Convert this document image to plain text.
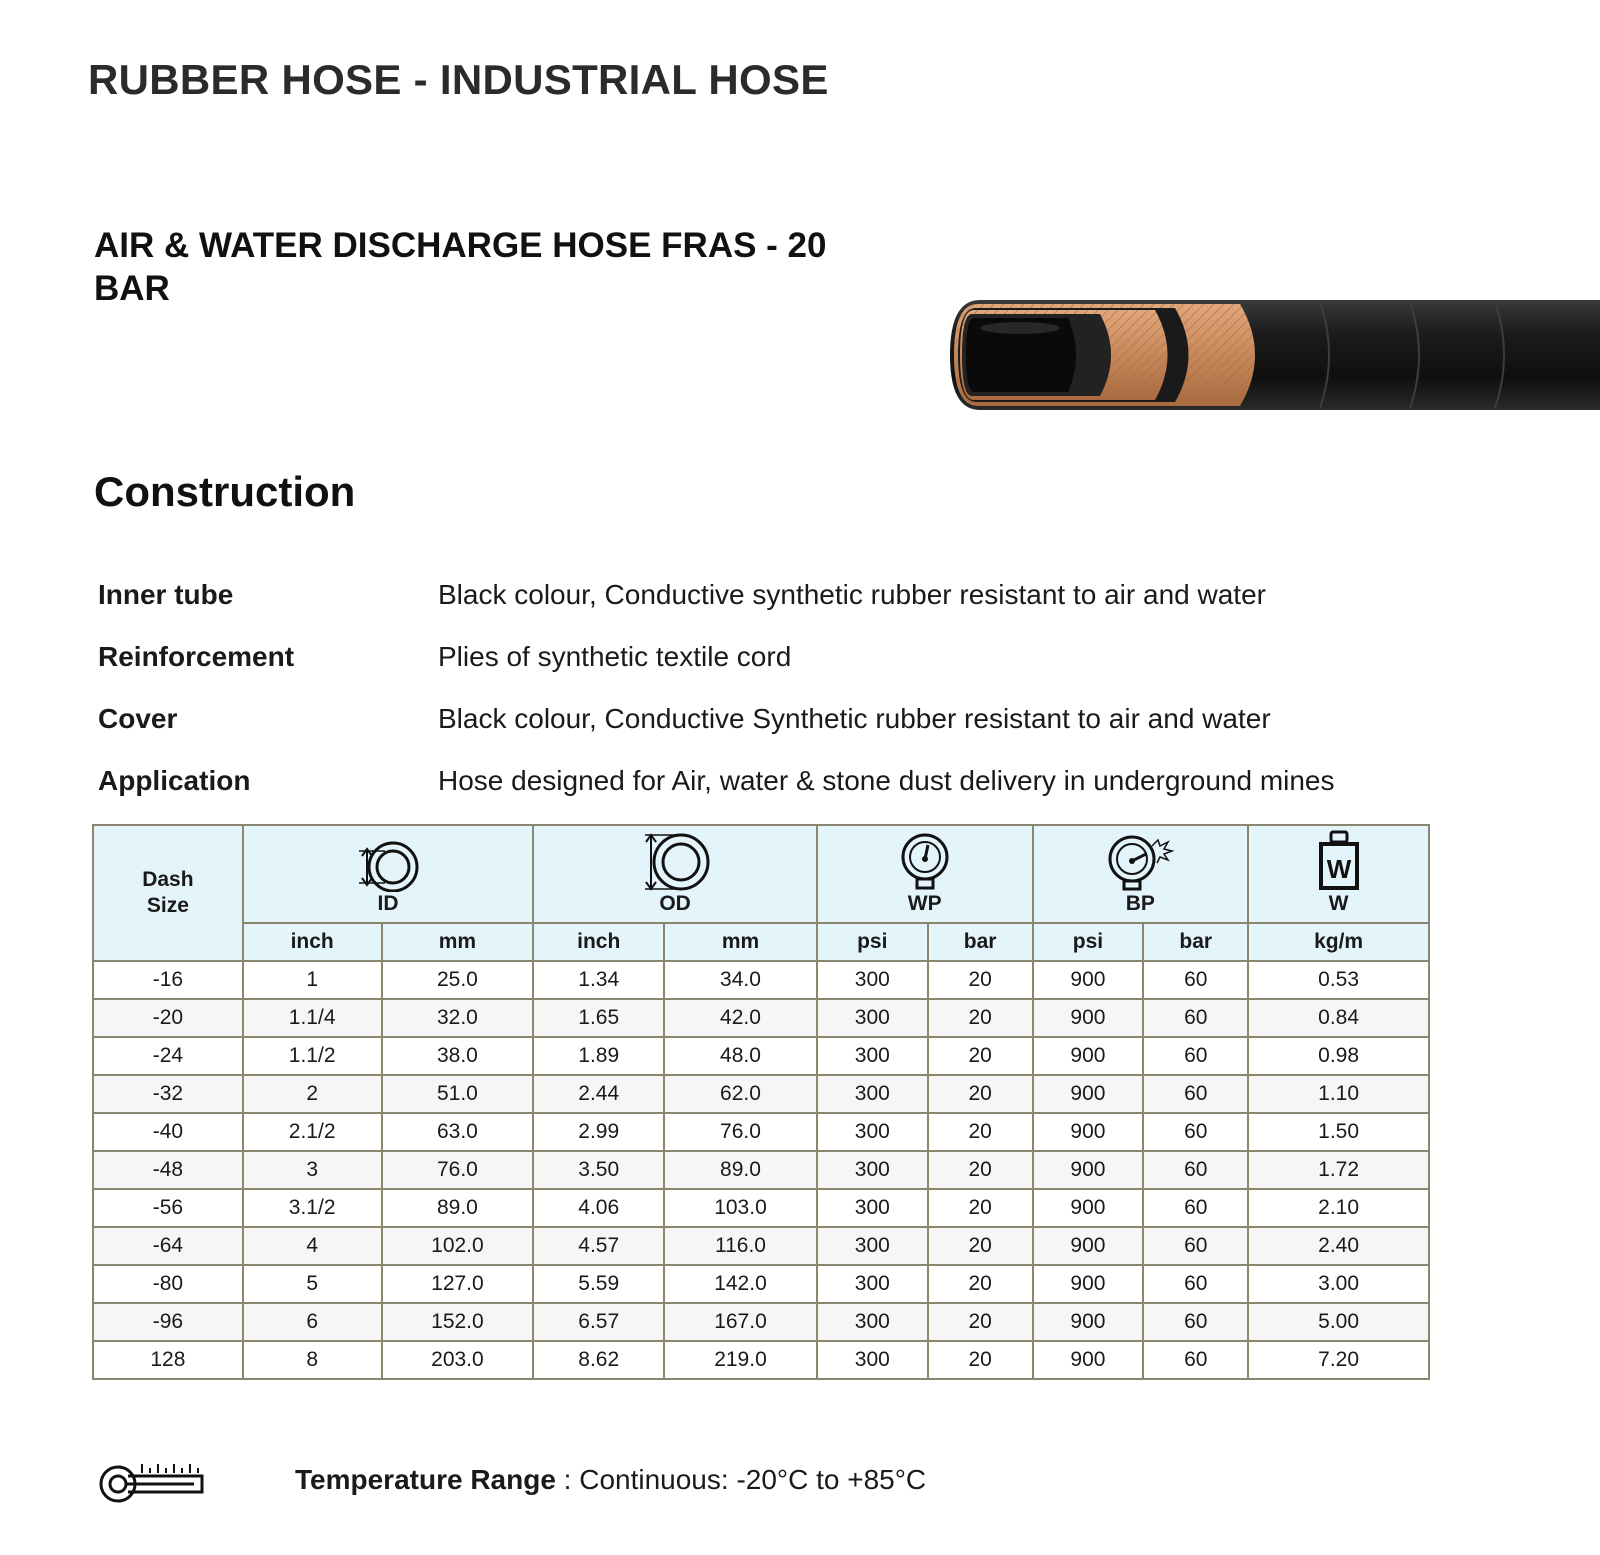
RUBBER HOSE - INDUSTRIAL HOSE
AIR & WATER DISCHARGE HOSE FRAS - 20 BAR
Construction
Inner tube	Black colour, Conductive synthetic rubber resistant to air and water
Reinforcement	Plies of synthetic textile cord
Cover	Black colour, Conductive Synthetic rubber resistant to air and water
Application	Hose designed for Air, water & stone dust delivery in underground mines
Dash
Size	ID		OD		WP		BP		W
W

	inch	mm	inch	mm	psi	bar	psi	bar	kg/m
-16	1	25.0	1.34	34.0	300	20	900	60	0.53
-20	1.1/4	32.0	1.65	42.0	300	20	900	60	0.84
-24	1.1/2	38.0	1.89	48.0	300	20	900	60	0.98
-32	2	51.0	2.44	62.0	300	20	900	60	1.10
-40	2.1/2	63.0	2.99	76.0	300	20	900	60	1.50
-48	3	76.0	3.50	89.0	300	20	900	60	1.72
-56	3.1/2	89.0	4.06	103.0	300	20	900	60	2.10
-64	4	102.0	4.57	116.0	300	20	900	60	2.40
-80	5	127.0	5.59	142.0	300	20	900	60	3.00
-96	6	152.0	6.57	167.0	300	20	900	60	5.00
128	8	203.0	8.62	219.0	300	20	900	60	7.20
Temperature Range : Continuous: -20°C to +85°C
